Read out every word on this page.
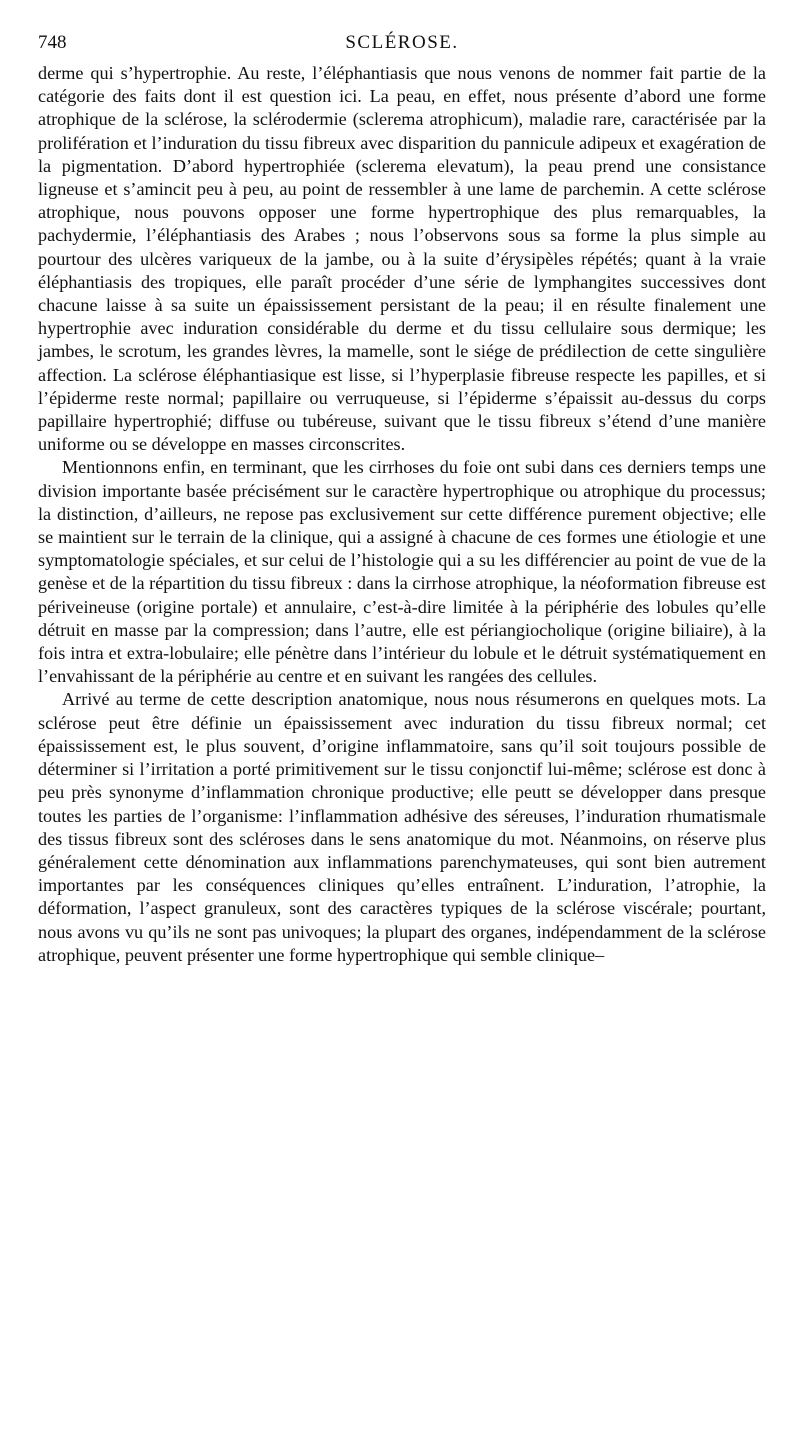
748	SCLÉROSE.

derme qui s’hypertrophie. Au reste, l’éléphantiasis que nous venons de nommer fait partie de la catégorie des faits dont il est question ici. La peau, en effet, nous présente d’abord une forme atrophique de la sclérose, la sclérodermie (sclerema atrophicum), maladie rare, caractérisée par la prolifération et l’induration du tissu fibreux avec disparition du pannicule adipeux et exagération de la pigmentation. D’abord hypertrophiée (sclerema elevatum), la peau prend une consistance ligneuse et s’amincit peu à peu, au point de ressembler à une lame de parchemin. A cette sclérose atrophique, nous pouvons opposer une forme hypertrophique des plus remarquables, la pachydermie, l’éléphantiasis des Arabes ; nous l’observons sous sa forme la plus simple au pourtour des ulcères variqueux de la jambe, ou à la suite d’érysipèles répétés; quant à la vraie éléphantiasis des tropiques, elle paraît procéder d’une série de lymphangites successives dont chacune laisse à sa suite un épaississement persistant de la peau; il en résulte finalement une hypertrophie avec induration considérable du derme et du tissu cellulaire sous dermique; les jambes, le scrotum, les grandes lèvres, la mamelle, sont le siége de prédilection de cette singulière affection. La sclérose éléphantiasique est lisse, si l’hyperplasie fibreuse respecte les papilles, et si l’épiderme reste normal; papillaire ou verruqueuse, si l’épiderme s’épaissit au-dessus du corps papillaire hypertrophié; diffuse ou tubéreuse, suivant que le tissu fibreux s’étend d’une manière uniforme ou se développe en masses circonscrites.

Mentionnons enfin, en terminant, que les cirrhoses du foie ont subi dans ces derniers temps une division importante basée précisément sur le caractère hypertrophique ou atrophique du processus; la distinction, d’ailleurs, ne repose pas exclusivement sur cette différence purement objective; elle se maintient sur le terrain de la clinique, qui a assigné à chacune de ces formes une étiologie et une symptomatologie spéciales, et sur celui de l’histologie qui a su les différencier au point de vue de la genèse et de la répartition du tissu fibreux : dans la cirrhose atrophique, la néoformation fibreuse est périveineuse (origine portale) et annulaire, c’est-à-dire limitée à la périphérie des lobules qu’elle détruit en masse par la compression; dans l’autre, elle est périangiocholique (origine biliaire), à la fois intra et extra-lobulaire; elle pénètre dans l’intérieur du lobule et le détruit systématiquement en l’envahissant de la périphérie au centre et en suivant les rangées des cellules.

Arrivé au terme de cette description anatomique, nous nous résumerons en quelques mots. La sclérose peut être définie un épaississement avec induration du tissu fibreux normal; cet épaississement est, le plus souvent, d’origine inflammatoire, sans qu’il soit toujours possible de déterminer si l’irritation a porté primitivement sur le tissu conjonctif lui-même; sclérose est donc à peu près synonyme d’inflammation chronique productive; elle peutt se développer dans presque toutes les parties de l’organisme: l’inflammation adhésive des séreuses, l’induration rhumatismale des tissus fibreux sont des scléroses dans le sens anatomique du mot. Néanmoins, on réserve plus généralement cette dénomination aux inflammations parenchymateuses, qui sont bien autrement importantes par les conséquences cliniques qu’elles entraînent. L’induration, l’atrophie, la déformation, l’aspect granuleux, sont des caractères typiques de la sclérose viscérale; pourtant, nous avons vu qu’ils ne sont pas univoques; la plupart des organes, indépendamment de la sclérose atrophique, peuvent présenter une forme hypertrophique qui semble clinique–
